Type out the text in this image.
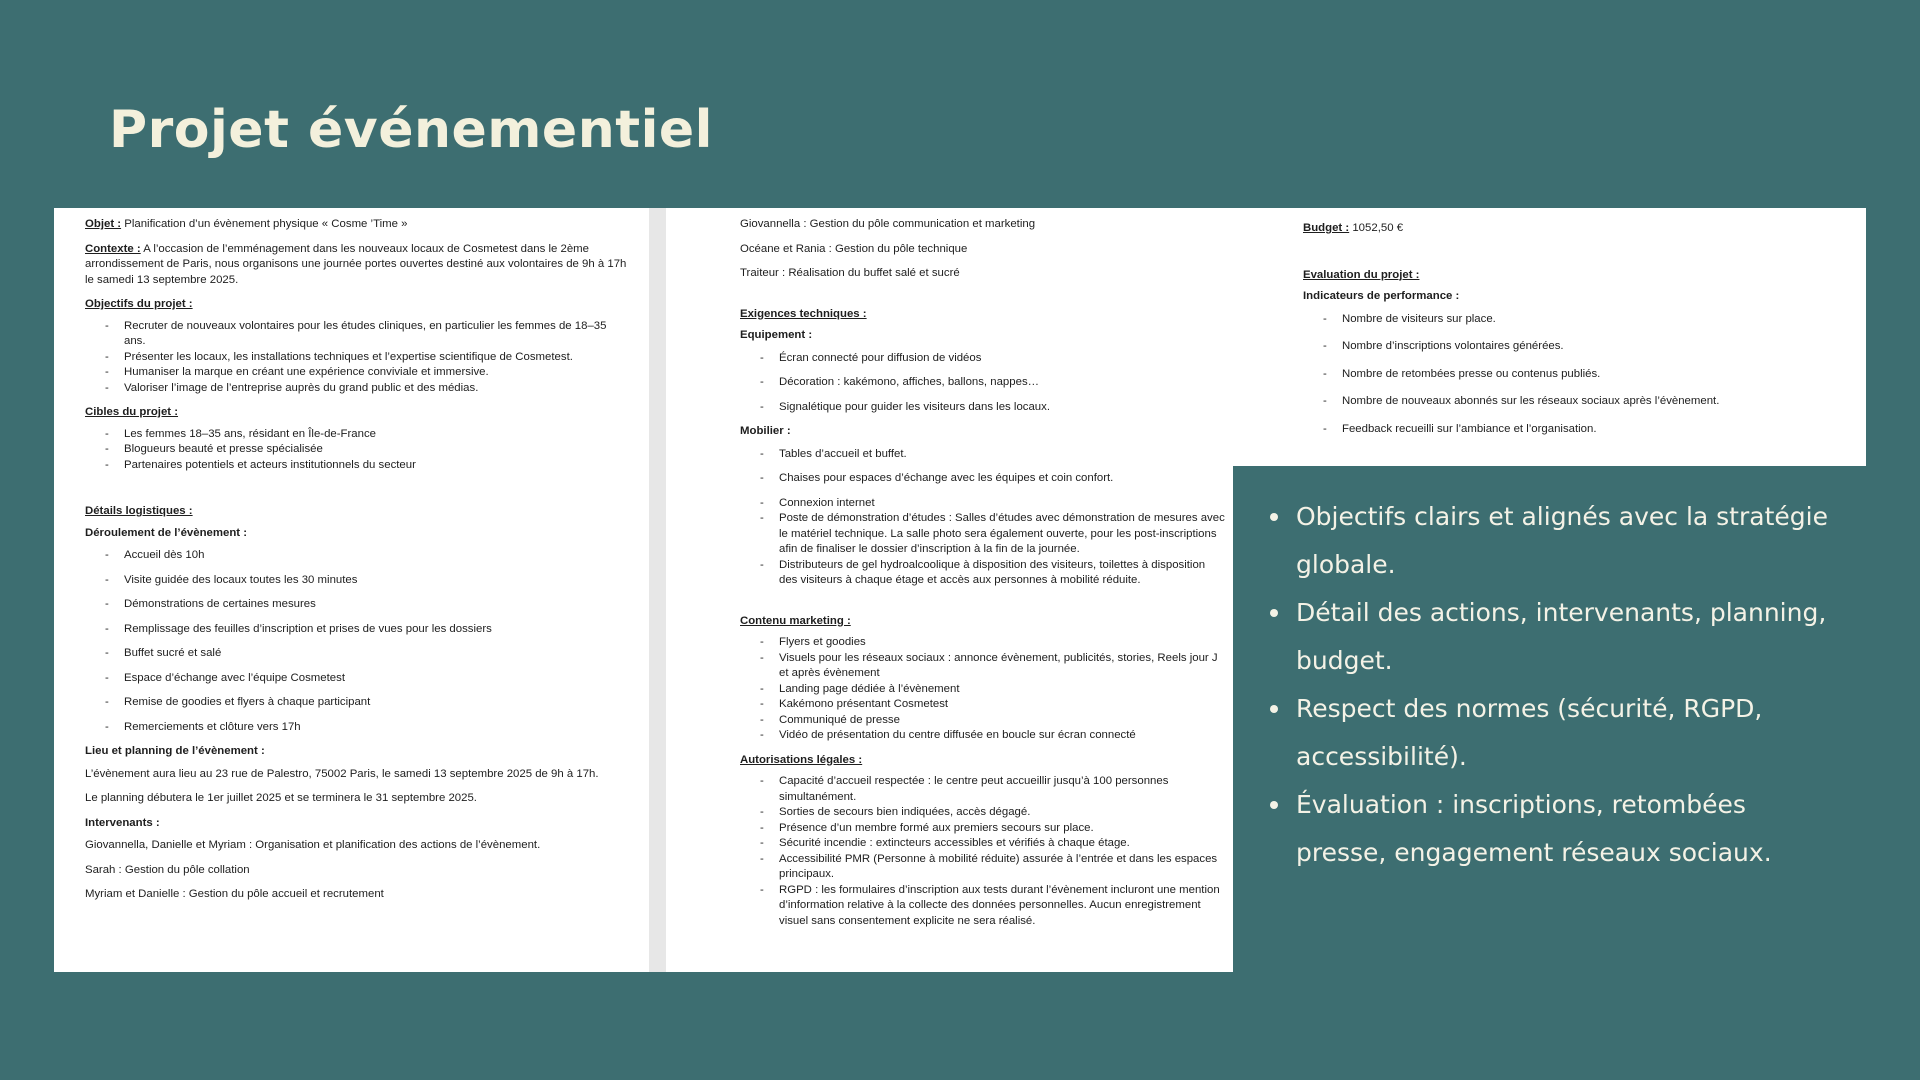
Projet événementiel

Objet : Planification d’un évènement physique « Cosme ’Time »

Contexte : A l’occasion de l’emménagement dans les nouveaux locaux de Cosmetest dans le 2ème arrondissement de Paris, nous organisons une journée portes ouvertes destiné aux volontaires de 9h à 17h le samedi 13 septembre 2025.

Objectifs du projet :

- Recruter de nouveaux volontaires pour les études cliniques, en particulier les femmes de 18–35 ans.
- Présenter les locaux, les installations techniques et l’expertise scientifique de Cosmetest.
- Humaniser la marque en créant une expérience conviviale et immersive.
- Valoriser l’image de l’entreprise auprès du grand public et des médias.

Cibles du projet :

- Les femmes 18–35 ans, résidant en Île-de-France
- Blogueurs beauté et presse spécialisée
- Partenaires potentiels et acteurs institutionnels du secteur

Détails logistiques :

Déroulement de l’évènement :

- Accueil dès 10h
- Visite guidée des locaux toutes les 30 minutes
- Démonstrations de certaines mesures
- Remplissage des feuilles d’inscription et prises de vues pour les dossiers
- Buffet sucré et salé
- Espace d’échange avec l’équipe Cosmetest
- Remise de goodies et flyers à chaque participant
- Remerciements et clôture vers 17h

Lieu et planning de l’évènement :

L’évènement aura lieu au 23 rue de Palestro, 75002 Paris, le samedi 13 septembre 2025 de 9h à 17h.

Le planning débutera le 1er juillet 2025 et se terminera le 31 septembre 2025.

Intervenants :

Giovannella, Danielle et Myriam : Organisation et planification des actions de l’évènement.

Sarah : Gestion du pôle collation

Myriam et Danielle : Gestion du pôle accueil et recrutement

Giovannella : Gestion du pôle communication et marketing

Océane et Rania : Gestion du pôle technique

Traiteur : Réalisation du buffet salé et sucré

Exigences techniques :

Equipement :

- Écran connecté pour diffusion de vidéos
- Décoration : kakémono, affiches, ballons, nappes…
- Signalétique pour guider les visiteurs dans les locaux.

Mobilier :

- Tables d’accueil et buffet.
- Chaises pour espaces d’échange avec les équipes et coin confort.
- Connexion internet
- Poste de démonstration d’études : Salles d’études avec démonstration de mesures avec le matériel technique. La salle photo sera également ouverte, pour les post-inscriptions afin de finaliser le dossier d’inscription à la fin de la journée.
- Distributeurs de gel hydroalcoolique à disposition des visiteurs, toilettes à disposition des visiteurs à chaque étage et accès aux personnes à mobilité réduite.

Contenu marketing :

- Flyers et goodies
- Visuels pour les réseaux sociaux : annonce évènement, publicités, stories, Reels jour J et après évènement
- Landing page dédiée à l’évènement
- Kakémono présentant Cosmetest
- Communiqué de presse
- Vidéo de présentation du centre diffusée en boucle sur écran connecté

Autorisations légales :

- Capacité d’accueil respectée : le centre peut accueillir jusqu’à 100 personnes simultanément.
- Sorties de secours bien indiquées, accès dégagé.
- Présence d’un membre formé aux premiers secours sur place.
- Sécurité incendie : extincteurs accessibles et vérifiés à chaque étage.
- Accessibilité PMR (Personne à mobilité réduite) assurée à l’entrée et dans les espaces principaux.
- RGPD : les formulaires d’inscription aux tests durant l’évènement incluront une mention d’information relative à la collecte des données personnelles. Aucun enregistrement visuel sans consentement explicite ne sera réalisé.

Budget : 1052,50 €

Evaluation du projet :

Indicateurs de performance :

- Nombre de visiteurs sur place.
- Nombre d’inscriptions volontaires générées.
- Nombre de retombées presse ou contenus publiés.
- Nombre de nouveaux abonnés sur les réseaux sociaux après l’évènement.
- Feedback recueilli sur l’ambiance et l’organisation.
Objectifs clairs et alignés avec la stratégie globale.
Détail des actions, intervenants, planning, budget.
Respect des normes (sécurité, RGPD, accessibilité).
Évaluation : inscriptions, retombées presse, engagement réseaux sociaux.
